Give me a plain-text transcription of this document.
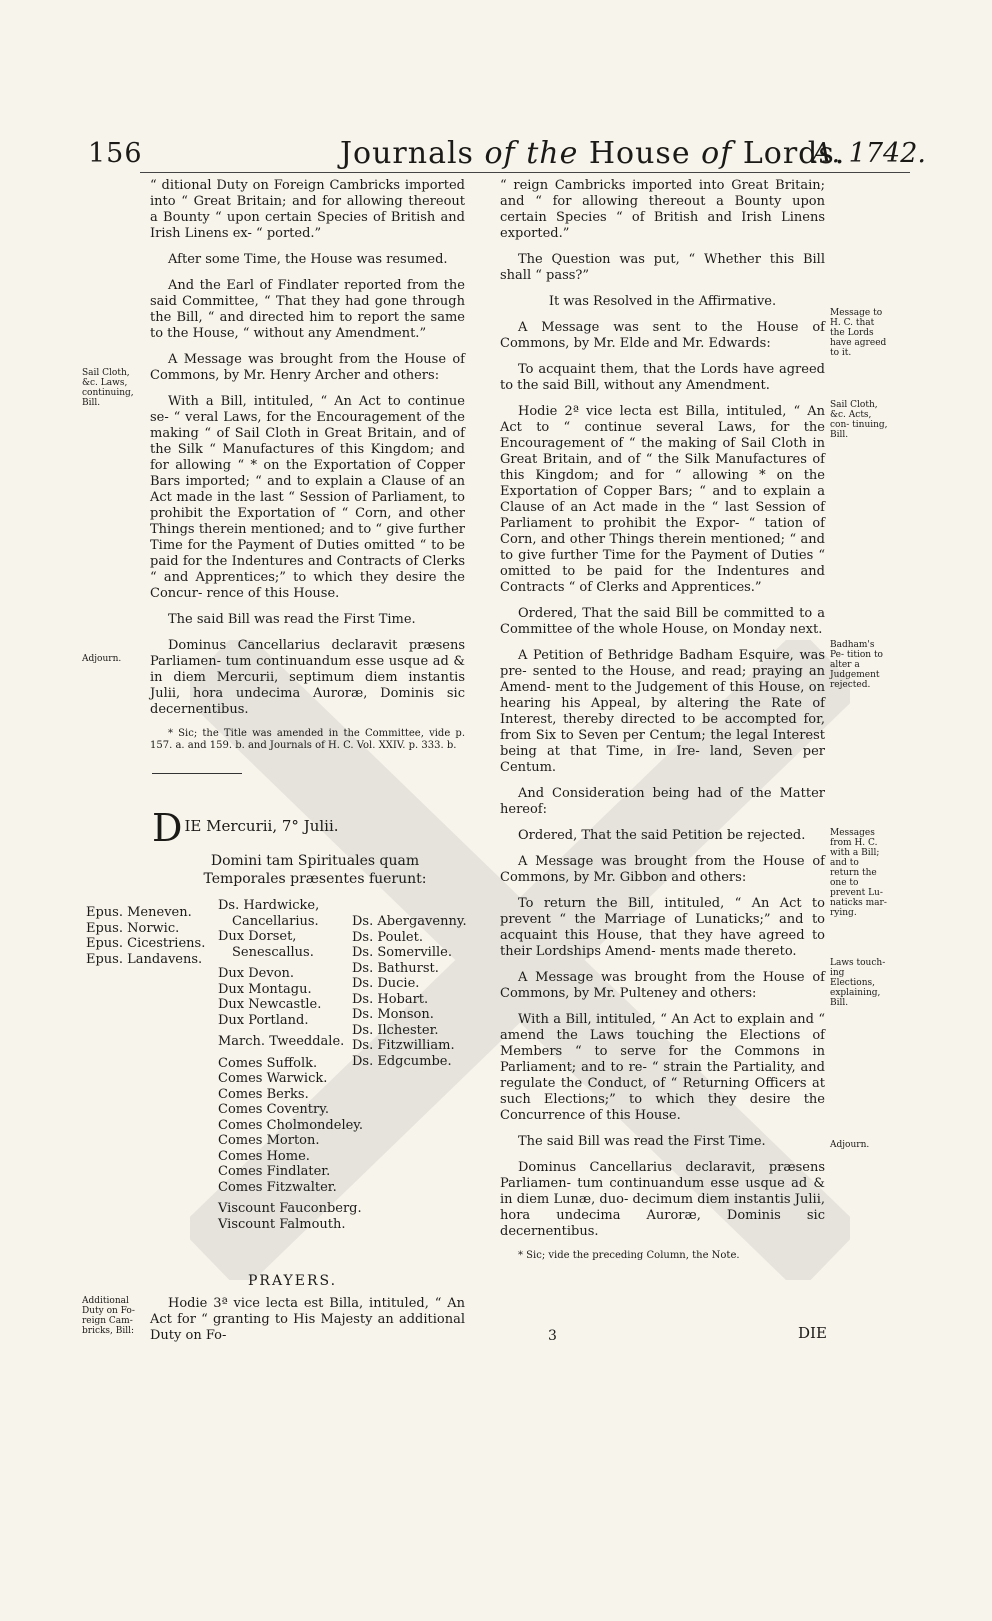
156	Journals of the House of Lords.
A. 1742.
Sail Cloth, &c. Laws, continuing, Bill.
Adjourn.
Additional Duty on Fo- reign Cam- bricks, Bill:

“ ditional Duty on Foreign Cambricks imported into “ Great Britain; and for allowing thereout a Bounty “ upon certain Species of British and Irish Linens ex- “ ported.”

After some Time, the House was resumed.

And the Earl of Findlater reported from the said Committee, “ That they had gone through the Bill, “ and directed him to report the same to the House, “ without any Amendment.”

A Message was brought from the House of Commons, by Mr. Henry Archer and others:

With a Bill, intituled, “ An Act to continue se- “ veral Laws, for the Encouragement of the making “ of Sail Cloth in Great Britain, and of the Silk “ Manufactures of this Kingdom; and for allowing “ * on the Exportation of Copper Bars imported; “ and to explain a Clause of an Act made in the last “ Session of Parliament, to prohibit the Exportation of “ Corn, and other Things therein mentioned; and to “ give further Time for the Payment of Duties omitted “ to be paid for the Indentures and Contracts of Clerks “ and Apprentices;” to which they desire the Concur- rence of this House.

The said Bill was read the First Time.

Dominus Cancellarius declaravit præsens Parliamen- tum continuandum esse usque ad & in diem Mercurii, septimum diem instantis Julii, hora undecima Auroræ, Dominis sic decernentibus.

* Sic; the Title was amended in the Committee, vide p. 157. a. and 159. b. and Journals of H. C. Vol. XXIV. p. 333. b.

D IE Mercurii, 7° Julii.
Domini tam Spirituales quam Temporales præsentes fuerunt:
Epus. Meneven.
Epus. Norwic.
Epus. Cicestriens.
Epus. Landavens.
Ds. Hardwicke,
Cancellarius.
Dux Dorset,
Senescallus.
Dux Devon.
Dux Montagu.
Dux Newcastle.
Dux Portland.
March. Tweeddale.
Comes Suffolk.
Comes Warwick.
Comes Berks.
Comes Coventry.
Comes Cholmondeley.
Comes Morton.
Comes Home.
Comes Findlater.
Comes Fitzwalter.
Viscount Fauconberg.
Viscount Falmouth.
Ds. Abergavenny.
Ds. Poulet.
Ds. Somerville.
Ds. Bathurst.
Ds. Ducie.
Ds. Hobart.
Ds. Monson.
Ds. Ilchester.
Ds. Fitzwilliam.
Ds. Edgcumbe.
PRAYERS.

Hodie 3ª vice lecta est Billa, intituled, “ An Act for “ granting to His Majesty an additional Duty on Fo-

“ reign Cambricks imported into Great Britain; and “ for allowing thereout a Bounty upon certain Species “ of British and Irish Linens exported.”

The Question was put, “ Whether this Bill shall “ pass?”

It was Resolved in the Affirmative.

A Message was sent to the House of Commons, by Mr. Elde and Mr. Edwards:

To acquaint them, that the Lords have agreed to the said Bill, without any Amendment.

Hodie 2ª vice lecta est Billa, intituled, “ An Act to “ continue several Laws, for the Encouragement of “ the making of Sail Cloth in Great Britain, and of “ the Silk Manufactures of this Kingdom; and for “ allowing * on the Exportation of Copper Bars; “ and to explain a Clause of an Act made in the “ last Session of Parliament to prohibit the Expor- “ tation of Corn, and other Things therein mentioned; “ and to give further Time for the Payment of Duties “ omitted to be paid for the Indentures and Contracts “ of Clerks and Apprentices.”

Ordered, That the said Bill be committed to a Committee of the whole House, on Monday next.

A Petition of Bethridge Badham Esquire, was pre- sented to the House, and read; praying an Amend- ment to the Judgement of this House, on hearing his Appeal, by altering the Rate of Interest, thereby directed to be accompted for, from Six to Seven per Centum; the legal Interest being at that Time, in Ire- land, Seven per Centum.

And Consideration being had of the Matter hereof:

Ordered, That the said Petition be rejected.

A Message was brought from the House of Commons, by Mr. Gibbon and others:

To return the Bill, intituled, “ An Act to prevent “ the Marriage of Lunaticks;” and to acquaint this House, that they have agreed to their Lordships Amend- ments made thereto.

A Message was brought from the House of Commons, by Mr. Pulteney and others:

With a Bill, intituled, “ An Act to explain and “ amend the Laws touching the Elections of Members “ to serve for the Commons in Parliament; and to re- “ strain the Partiality, and regulate the Conduct, of “ Returning Officers at such Elections;” to which they desire the Concurrence of this House.

The said Bill was read the First Time.

Dominus Cancellarius declaravit, præsens Parliamen- tum continuandum esse usque ad & in diem Lunæ, duo- decimum diem instantis Julii, hora undecima Auroræ, Dominis sic decernentibus.

* Sic; vide the preceding Column, the Note.

Message to H. C. that the Lords have agreed to it.
Sail Cloth, &c. Acts, con- tinuing, Bill.
Badham's Pe- tition to alter a Judgement rejected.
Messages from H. C. with a Bill; and to return the one to prevent Lu- naticks mar- rying.
Laws touch- ing Elections, explaining, Bill.
Adjourn.
3	DIE
